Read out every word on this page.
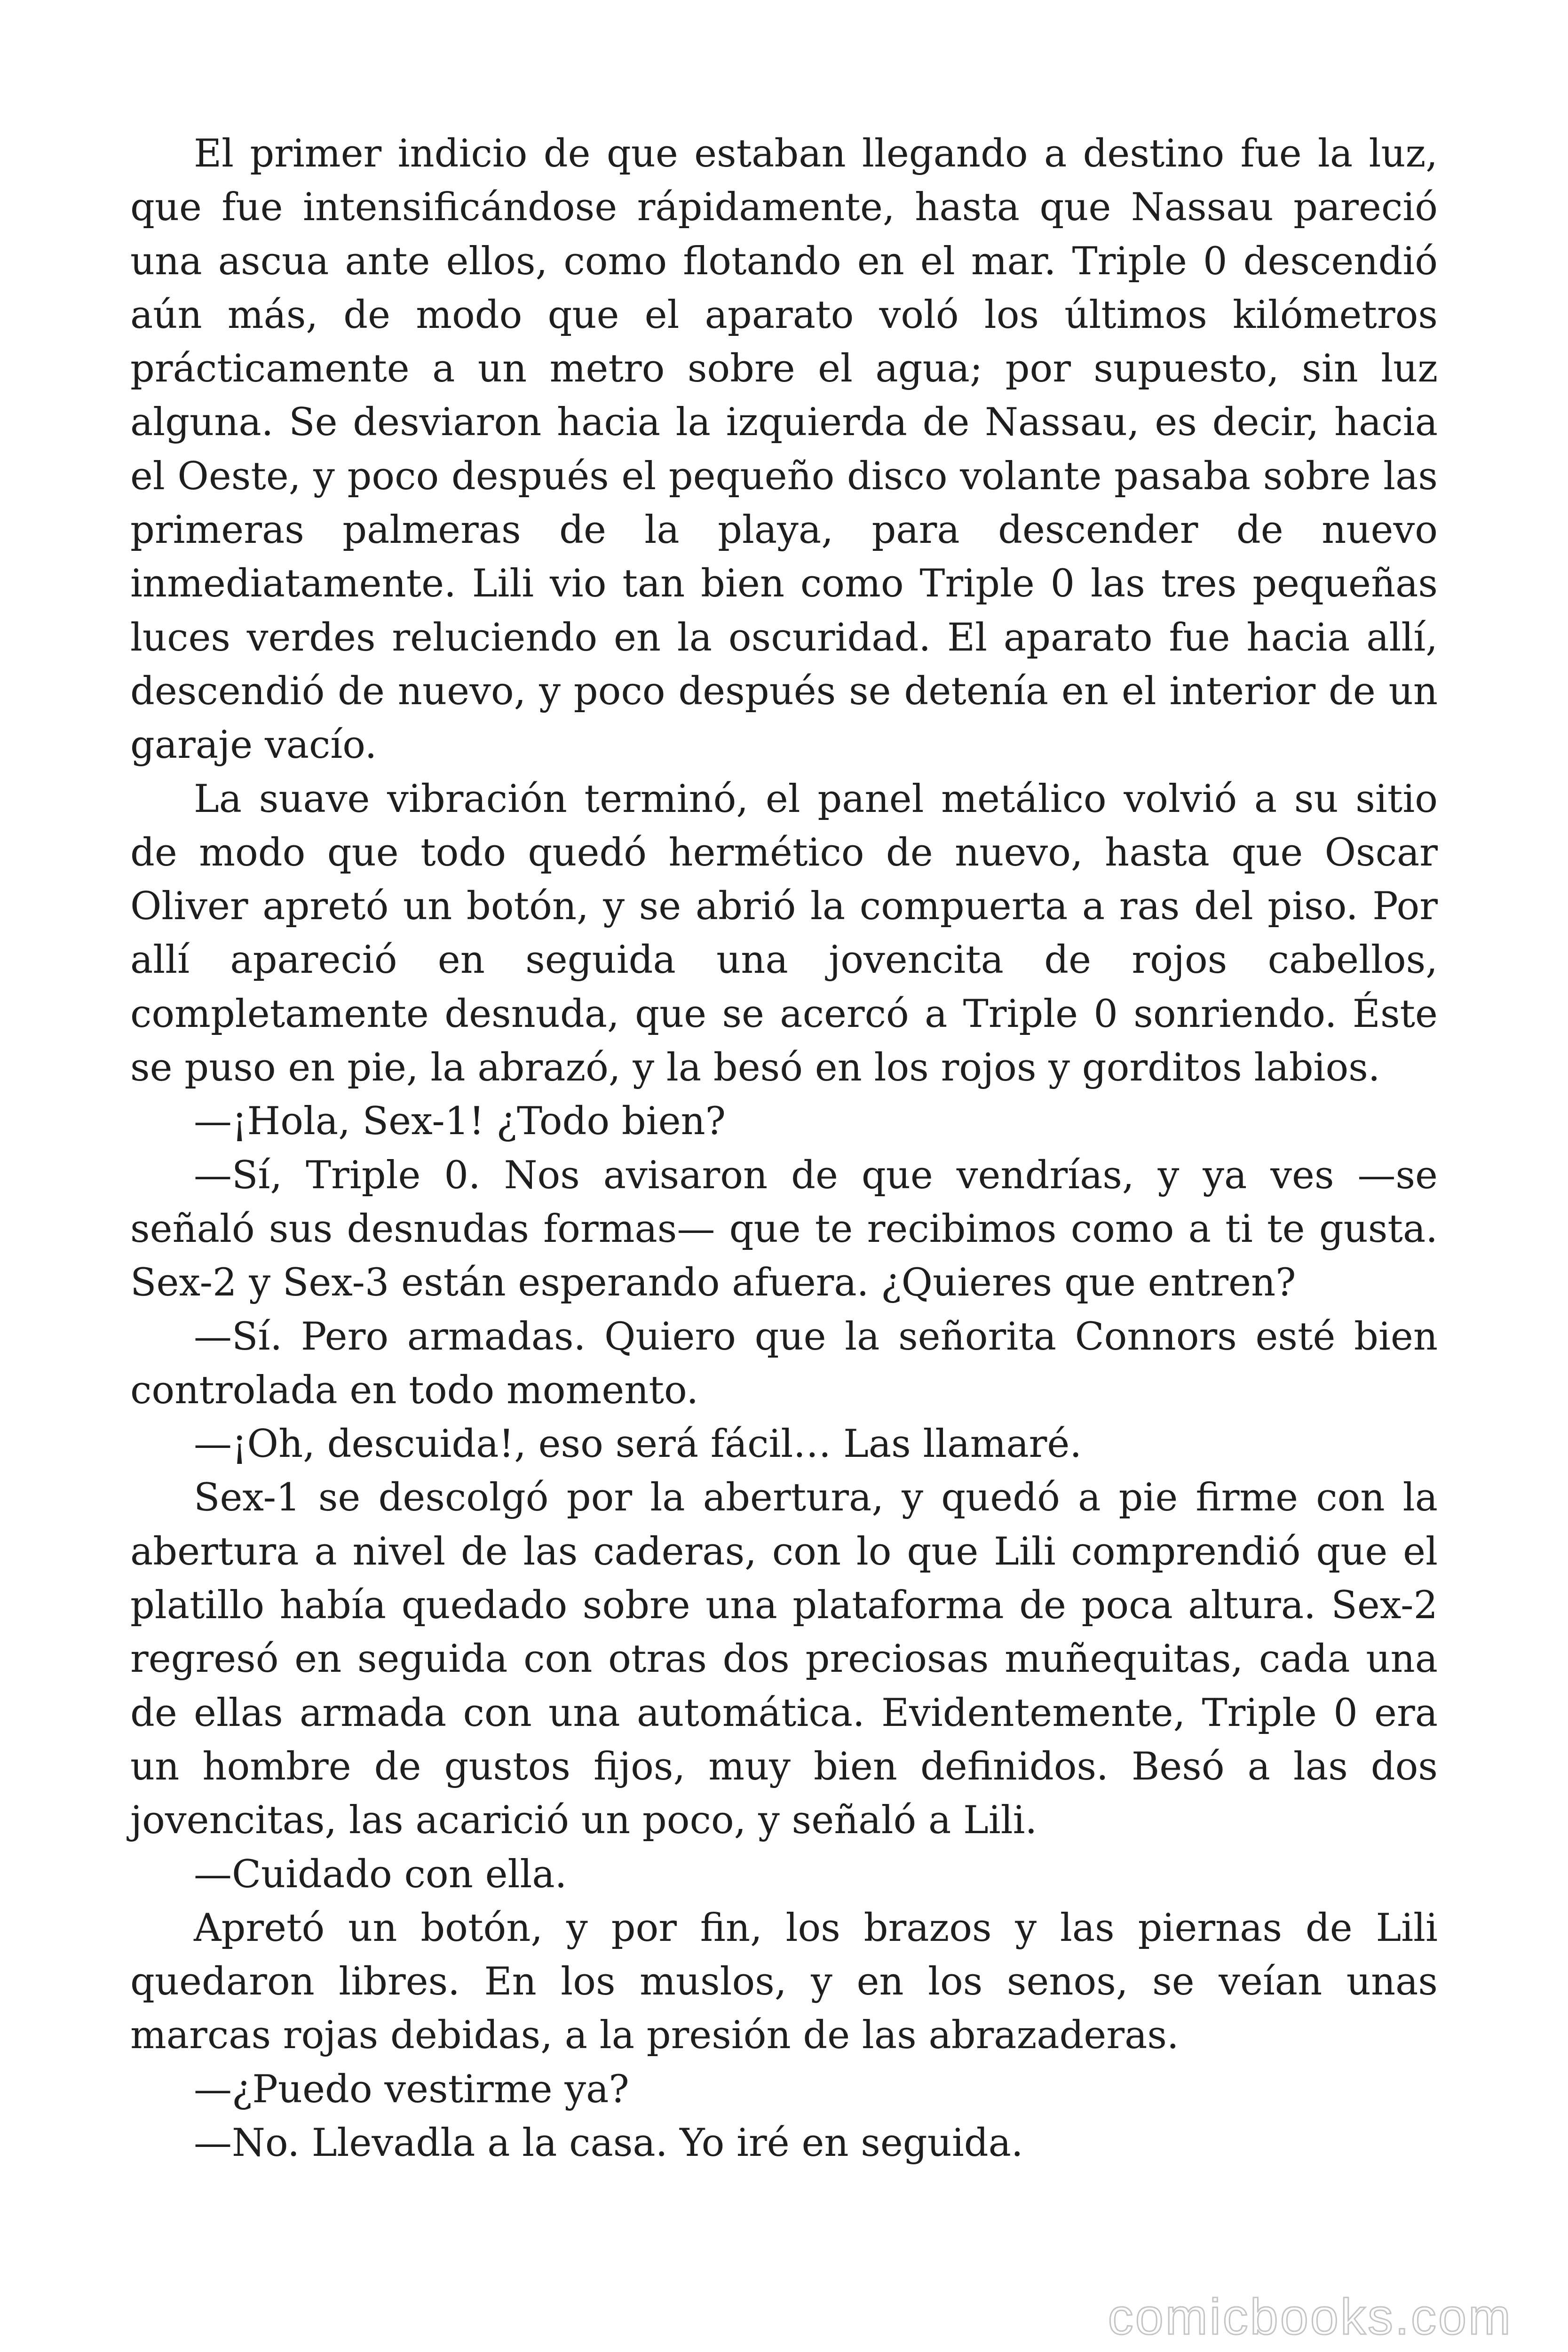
El primer indicio de que estaban llegando a destino fue la luz, que fue intensificándose rápidamente, hasta que Nassau pareció una ascua ante ellos, como flotando en el mar. Triple 0 descendió aún más, de modo que el aparato voló los últimos kilómetros prácticamente a un metro sobre el agua; por supuesto, sin luz alguna. Se desviaron hacia la izquierda de Nassau, es decir, hacia el Oeste, y poco después el pequeño disco volante pasaba sobre las primeras palmeras de la playa, para descender de nuevo inmediatamente. Lili vio tan bien como Triple 0 las tres pequeñas luces verdes reluciendo en la oscuridad. El aparato fue hacia allí, descendió de nuevo, y poco después se detenía en el interior de un garaje vacío.

La suave vibración terminó, el panel metálico volvió a su sitio de modo que todo quedó hermético de nuevo, hasta que Oscar Oliver apretó un botón, y se abrió la compuerta a ras del piso. Por allí apareció en seguida una jovencita de rojos cabellos, completamente desnuda, que se acercó a Triple 0 sonriendo. Éste se puso en pie, la abrazó, y la besó en los rojos y gorditos labios.

—¡Hola, Sex-1! ¿Todo bien?

—Sí, Triple 0. Nos avisaron de que vendrías, y ya ves —se señaló sus desnudas formas— que te recibimos como a ti te gusta. Sex-2 y Sex-3 están esperando afuera. ¿Quieres que entren?

—Sí. Pero armadas. Quiero que la señorita Connors esté bien controlada en todo momento.

—¡Oh, descuida!, eso será fácil… Las llamaré.

Sex-1 se descolgó por la abertura, y quedó a pie firme con la abertura a nivel de las caderas, con lo que Lili comprendió que el platillo había quedado sobre una plataforma de poca altura. Sex-2 regresó en seguida con otras dos preciosas muñequitas, cada una de ellas armada con una automática. Evidentemente, Triple 0 era un hombre de gustos fijos, muy bien definidos. Besó a las dos jovencitas, las acarició un poco, y señaló a Lili.

—Cuidado con ella.

Apretó un botón, y por fin, los brazos y las piernas de Lili quedaron libres. En los muslos, y en los senos, se veían unas marcas rojas debidas, a la presión de las abrazaderas.

—¿Puedo vestirme ya?

—No. Llevadla a la casa. Yo iré en seguida.

comicbooks.com
